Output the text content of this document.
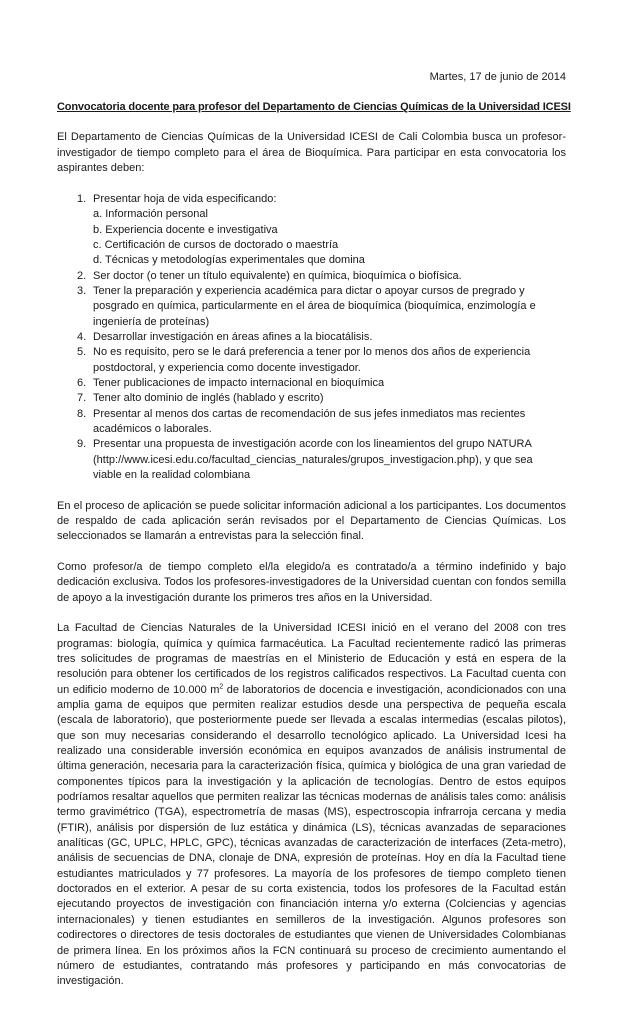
Martes, 17 de junio de 2014
Convocatoria docente para profesor del Departamento de Ciencias Químicas de la Universidad ICESI
El Departamento de Ciencias Químicas de la Universidad ICESI de Cali Colombia busca un profesor-
investigador de tiempo completo para el área de Bioquímica. Para participar en esta convocatoria los
aspirantes deben:
1. Presentar hoja de vida especificando:
a. Información personal
b. Experiencia docente e investigativa
c. Certificación de cursos de doctorado o maestría
d. Técnicas y metodologías experimentales que domina
2. Ser doctor (o tener un título equivalente) en química, bioquímica o biofísica.
3. Tener la preparación y experiencia académica para dictar o apoyar cursos de pregrado y
posgrado en química, particularmente en el área de bioquímica (bioquímica, enzimología e
ingeniería de proteínas)
4. Desarrollar investigación en áreas afines a la biocatálisis.
5. No es requisito, pero se le dará preferencia a tener por lo menos dos años de experiencia
postdoctoral, y experiencia como docente investigador.
6. Tener publicaciones de impacto internacional en bioquímica
7. Tener alto dominio de inglés (hablado y escrito)
8. Presentar al menos dos cartas de recomendación de sus jefes inmediatos mas recientes
académicos o laborales.
9. Presentar una propuesta de investigación acorde con los lineamientos del grupo NATURA
(http://www.icesi.edu.co/facultad_ciencias_naturales/grupos_investigacion.php), y que sea
viable en la realidad colombiana
En el proceso de aplicación se puede solicitar información adicional a los participantes. Los documentos
de respaldo de cada aplicación serán revisados por el Departamento de Ciencias Químicas. Los
seleccionados se llamarán a entrevistas para la selección final.
Como profesor/a de tiempo completo el/la elegido/a es contratado/a a término indefinido y bajo
dedicación exclusiva. Todos los profesores-investigadores de la Universidad cuentan con fondos semilla
de apoyo a la investigación durante los primeros tres años en la Universidad.
La Facultad de Ciencias Naturales de la Universidad ICESI inició en el verano del 2008 con tres
programas: biología, química y química farmacéutica. La Facultad recientemente radicó las primeras
tres solicitudes de programas de maestrías en el Ministerio de Educación y está en espera de la
resolución para obtener los certificados de los registros calificados respectivos. La Facultad cuenta con
un edificio moderno de 10.000 $m^2$ de laboratorios de docencia e investigación, acondicionados con una
amplia gama de equipos que permiten realizar estudios desde una perspectiva de pequeña escala
(escala de laboratorio), que posteriormente puede ser llevada a escalas intermedias (escalas pilotos),
que son muy necesarias considerando el desarrollo tecnológico aplicado. La Universidad Icesi ha
realizado una considerable inversión económica en equipos avanzados de análisis instrumental de
última generación, necesaria para la caracterización física, química y biológica de una gran variedad de
componentes típicos para la investigación y la aplicación de tecnologías. Dentro de estos equipos
podríamos resaltar aquellos que permiten realizar las técnicas modernas de análisis tales como: análisis
termo gravimétrico (TGA), espectrometría de masas (MS), espectroscopia infrarroja cercana y media
(FTIR), análisis por dispersión de luz estática y dinámica (LS), técnicas avanzadas de separaciones
analíticas (GC, UPLC, HPLC, GPC), técnicas avanzadas de caracterización de interfaces (Zeta-metro),
análisis de secuencias de DNA, clonaje de DNA, expresión de proteínas. Hoy en día la Facultad tiene
estudiantes matriculados y 77 profesores. La mayoría de los profesores de tiempo completo tienen
doctorados en el exterior. A pesar de su corta existencia, todos los profesores de la Facultad están
ejecutando proyectos de investigación con financiación interna y/o externa (Colciencias y agencias
internacionales) y tienen estudiantes en semilleros de la investigación. Algunos profesores son
codirectores o directores de tesis doctorales de estudiantes que vienen de Universidades Colombianas
de primera línea. En los próximos años la FCN continuará su proceso de crecimiento aumentando el
número de estudiantes, contratando más profesores y participando en más convocatorias de
investigación.
